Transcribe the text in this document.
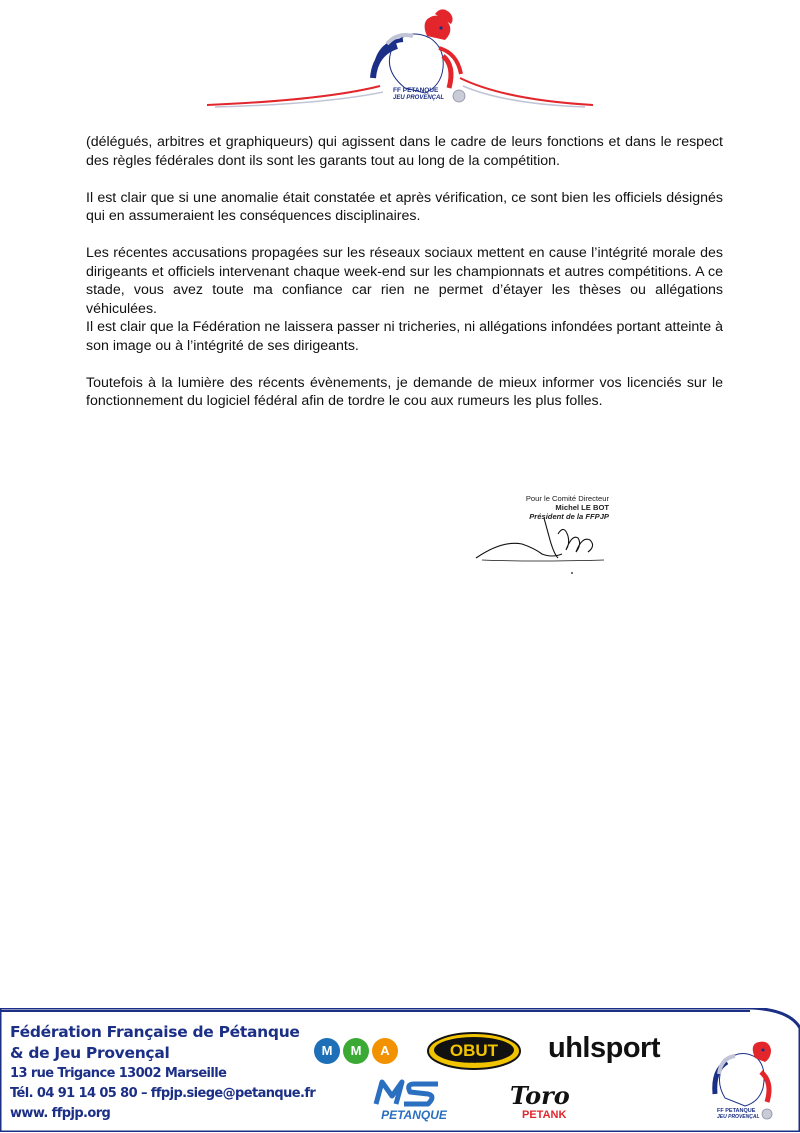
FF PETANQUE
JEU PROVENÇAL

(délégués, arbitres et graphiqueurs) qui agissent dans le cadre de leurs fonctions et dans le respect des règles fédérales dont ils sont les garants tout au long de la compétition.

Il est clair que si une anomalie était constatée et après vérification, ce sont bien les officiels désignés qui en assumeraient les conséquences disciplinaires.

Les récentes accusations propagées sur les réseaux sociaux mettent en cause l’intégrité morale des dirigeants et officiels intervenant chaque week-end sur les championnats et autres compétitions. A ce stade, vous avez toute ma confiance car rien ne permet d’étayer les thèses ou allégations véhiculées.

Il est clair que la Fédération ne laissera passer ni tricheries, ni allégations infondées portant atteinte à son image ou à l’intégrité de ses dirigeants.

Toutefois à la lumière des récents évènements, je demande de mieux informer vos licenciés sur le fonctionnement du logiciel fédéral afin de tordre le cou aux rumeurs les plus folles.

Pour le Comité Directeur
Michel LE BOT
Président de la FFPJP
Fédération Française de Pétanque
& de Jeu Provençal
13 rue Trigance 13002 Marseille
Tél. 04 91 14 05 80 – ffpjp.siege@petanque.fr
www. ffpjp.org
M	M	A	OBUT
MARQUE DE PETANQUE uhlsport
PETANQUE
Toro
PETANK	FF PETANQUE
JEU PROVENÇAL
